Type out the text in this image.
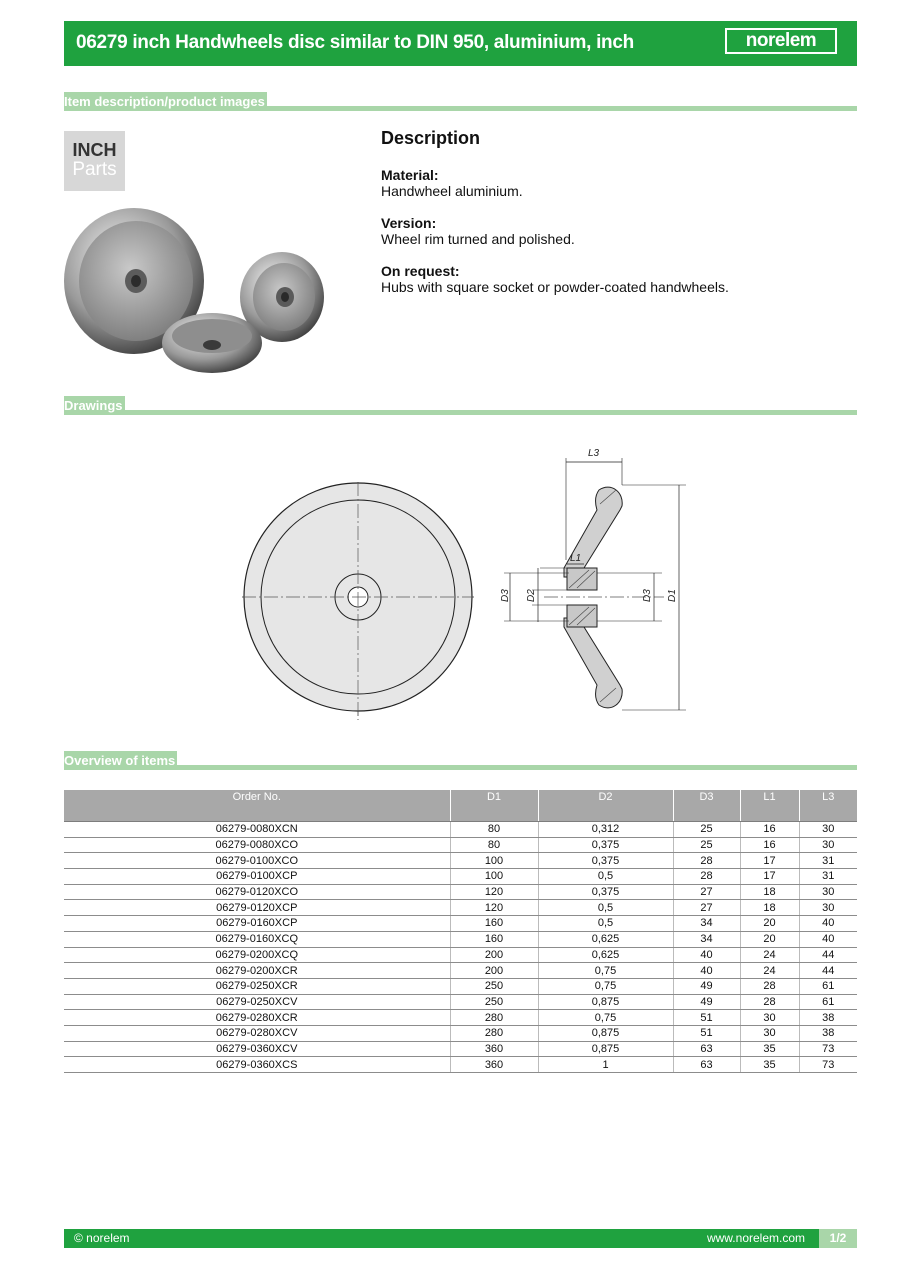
06279 inch Handwheels disc similar to DIN 950, aluminium, inch	norelem
Item description/product images
INCH
Parts
Description
Material:
Handwheel aluminium.
Version:
Wheel rim turned and polished.
On request:
Hubs with square socket or powder-coated handwheels.
Drawings
L3
L1
D3 D2	D3 D1
Overview of items
Order No.	D1	D2	D3	L1	L3
06279-0080XCN	80	0,312	25	16	30
06279-0080XCO	80	0,375	25	16	30
06279-0100XCO	100	0,375	28	17	31
06279-0100XCP	100	0,5	28	17	31
06279-0120XCO	120	0,375	27	18	30
06279-0120XCP	120	0,5	27	18	30
06279-0160XCP	160	0,5	34	20	40
06279-0160XCQ	160	0,625	34	20	40
06279-0200XCQ	200	0,625	40	24	44
06279-0200XCR	200	0,75	40	24	44
06279-0250XCR	250	0,75	49	28	61
06279-0250XCV	250	0,875	49	28	61
06279-0280XCR	280	0,75	51	30	38
06279-0280XCV	280	0,875	51	30	38
06279-0360XCV	360	0,875	63	35	73
06279-0360XCS	360	1	63	35	73
© norelem	www.norelem.com	1/2
